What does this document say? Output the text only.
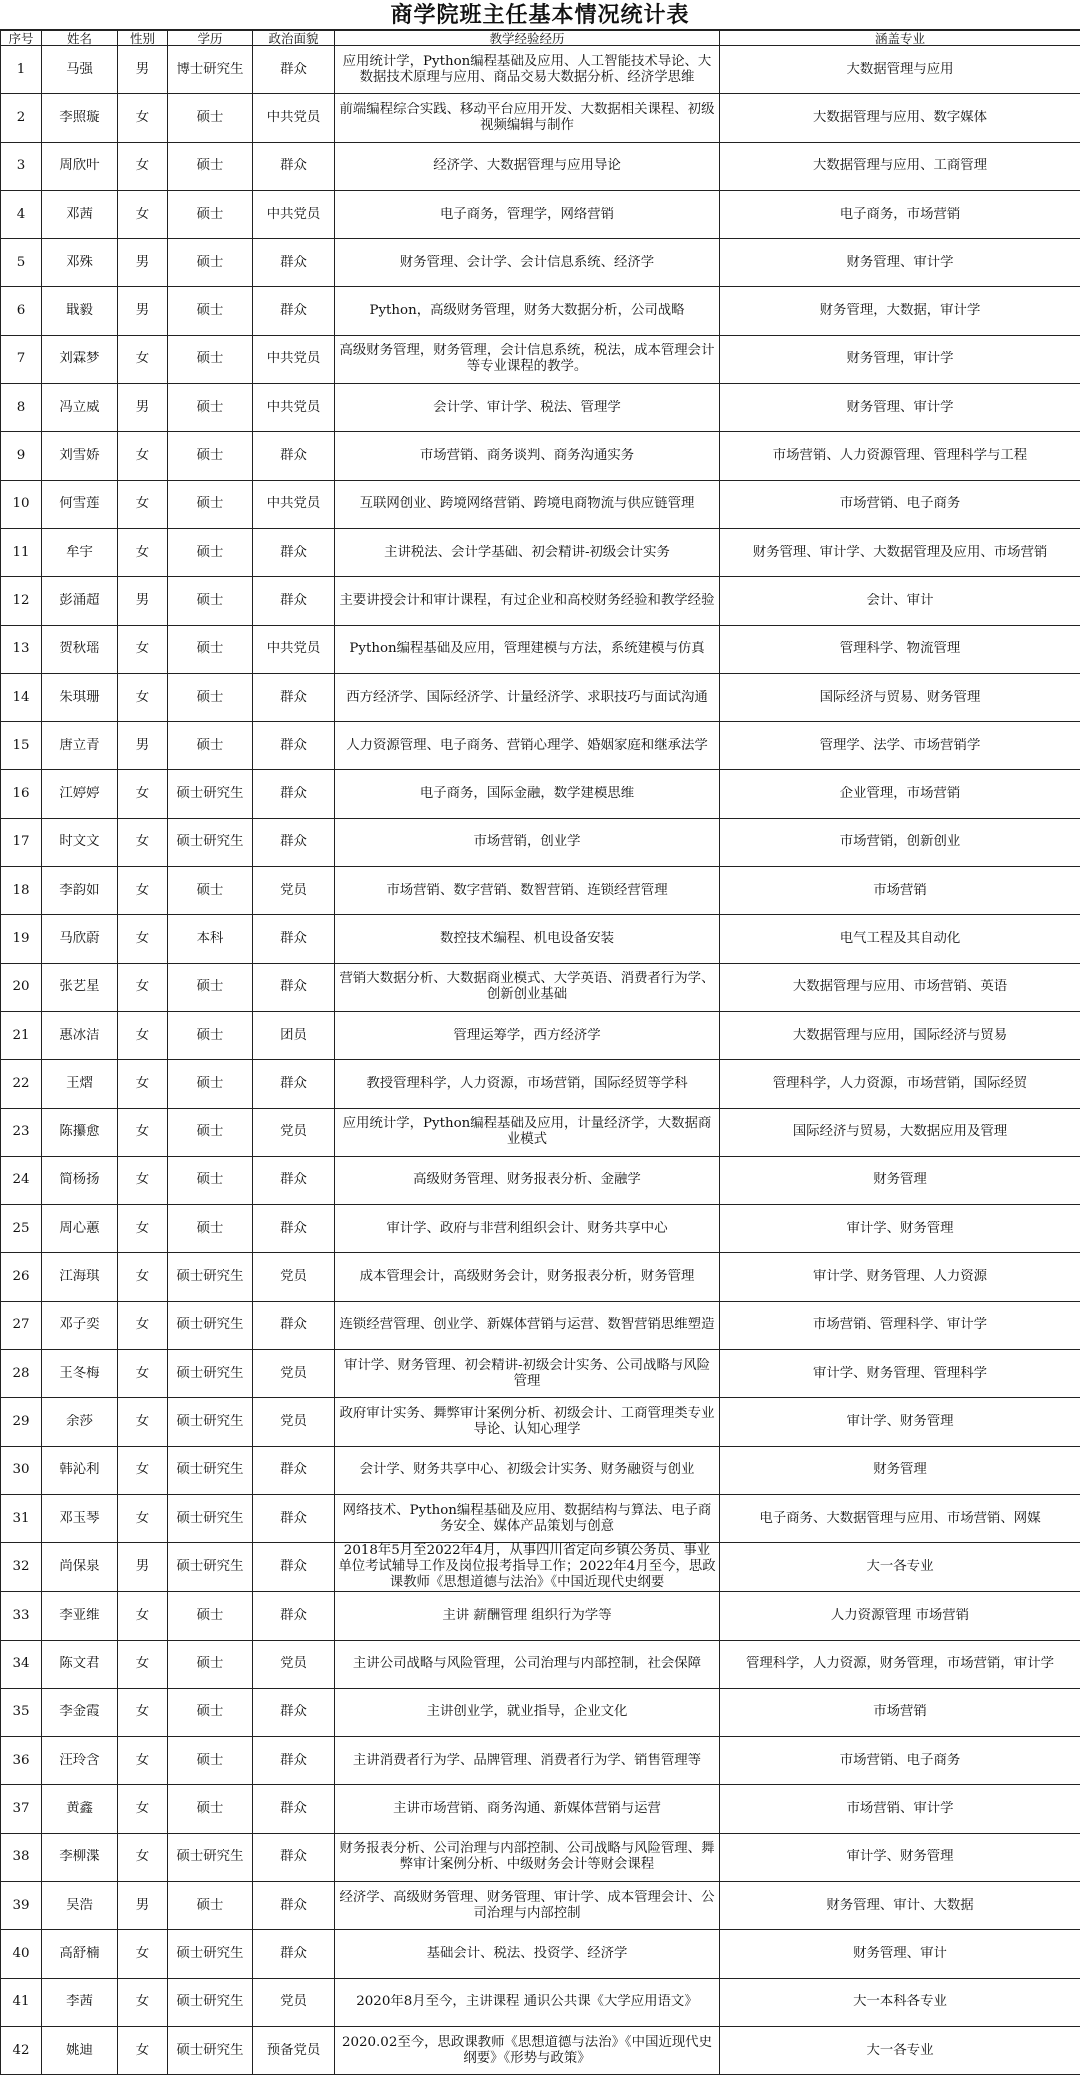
商学院班主任基本情况统计表
序号	姓名	性别	学历	政治面貌	教学经验经历	涵盖专业

1	马强	男	博士研究生	群众	应用统计学，Python编程基础及应用、人工智能技术导论、大数据技术原理与应用、商品交易大数据分析、经济学思维	大数据管理与应用

2	李照璇	女	硕士	中共党员	前端编程综合实践、移动平台应用开发、大数据相关课程、初级视频编辑与制作	大数据管理与应用、数字媒体

3	周欣叶	女	硕士	群众	经济学、大数据管理与应用导论	大数据管理与应用、工商管理

4	邓茜	女	硕士	中共党员	电子商务，管理学，网络营销	电子商务，市场营销

5	邓殊	男	硕士	群众	财务管理、会计学、会计信息系统、经济学	财务管理、审计学

6	戢毅	男	硕士	群众	Python，高级财务管理，财务大数据分析，公司战略	财务管理，大数据，审计学

7	刘霖梦	女	硕士	中共党员	高级财务管理，财务管理，会计信息系统，税法，成本管理会计等专业课程的教学。	财务管理，审计学

8	冯立威	男	硕士	中共党员	会计学、审计学、税法、管理学	财务管理、审计学

9	刘雪娇	女	硕士	群众	市场营销、商务谈判、商务沟通实务	市场营销、人力资源管理、管理科学与工程

10	何雪莲	女	硕士	中共党员	互联网创业、跨境网络营销、跨境电商物流与供应链管理	市场营销、电子商务

11	牟宇	女	硕士	群众	主讲税法、会计学基础、初会精讲-初级会计实务	财务管理、审计学、大数据管理及应用、市场营销

12	彭涌超	男	硕士	群众	主要讲授会计和审计课程，有过企业和高校财务经验和教学经验	会计、审计

13	贺秋瑶	女	硕士	中共党员	Python编程基础及应用，管理建模与方法，系统建模与仿真	管理科学、物流管理

14	朱琪珊	女	硕士	群众	西方经济学、国际经济学、计量经济学、求职技巧与面试沟通	国际经济与贸易、财务管理

15	唐立青	男	硕士	群众	人力资源管理、电子商务、营销心理学、婚姻家庭和继承法学	管理学、法学、市场营销学

16	江婷婷	女	硕士研究生	群众	电子商务，国际金融，数学建模思维	企业管理，市场营销

17	时文文	女	硕士研究生	群众	市场营销，创业学	市场营销，创新创业

18	李韵如	女	硕士	党员	市场营销、数字营销、数智营销、连锁经营管理	市场营销

19	马欣蔚	女	本科	群众	数控技术编程、机电设备安装	电气工程及其自动化

20	张艺星	女	硕士	群众	营销大数据分析、大数据商业模式、大学英语、消费者行为学、创新创业基础	大数据管理与应用、市场营销、英语

21	惠冰洁	女	硕士	团员	管理运筹学，西方经济学	大数据管理与应用，国际经济与贸易

22	王熠	女	硕士	群众	教授管理科学，人力资源，市场营销，国际经贸等学科	管理科学，人力资源，市场营销，国际经贸

23	陈攥愈	女	硕士	党员	应用统计学，Python编程基础及应用，计量经济学，大数据商业模式	国际经济与贸易，大数据应用及管理

24	简杨扬	女	硕士	群众	高级财务管理、财务报表分析、金融学	财务管理

25	周心蕙	女	硕士	群众	审计学、政府与非营利组织会计、财务共享中心	审计学、财务管理

26	江海琪	女	硕士研究生	党员	成本管理会计，高级财务会计，财务报表分析，财务管理	审计学、财务管理、人力资源

27	邓子奕	女	硕士研究生	群众	连锁经营管理、创业学、新媒体营销与运营、数智营销思维塑造	市场营销、管理科学、审计学

28	王冬梅	女	硕士研究生	党员	审计学、财务管理、初会精讲-初级会计实务、公司战略与风险管理	审计学、财务管理、管理科学

29	余莎	女	硕士研究生	党员	政府审计实务、舞弊审计案例分析、初级会计、工商管理类专业导论、认知心理学	审计学、财务管理

30	韩沁利	女	硕士研究生	群众	会计学、财务共享中心、初级会计实务、财务融资与创业	财务管理

31	邓玉琴	女	硕士研究生	群众	网络技术、Python编程基础及应用、数据结构与算法、电子商务安全、媒体产品策划与创意	电子商务、大数据管理与应用、市场营销、网媒

32	尚保泉	男	硕士研究生	群众	2018年5月至2022年4月，从事四川省定向乡镇公务员、事业单位考试辅导工作及岗位报考指导工作；2022年4月至今，思政课教师《思想道德与法治》《中国近现代史纲要	大一各专业

33	李亚维	女	硕士	群众	主讲 薪酬管理 组织行为学等	人力资源管理 市场营销

34	陈文君	女	硕士	党员	主讲公司战略与风险管理，公司治理与内部控制，社会保障	管理科学，人力资源，财务管理，市场营销，审计学

35	李金霞	女	硕士	群众	主讲创业学，就业指导，企业文化	市场营销

36	汪玲含	女	硕士	群众	主讲消费者行为学、品牌管理、消费者行为学、销售管理等	市场营销、电子商务

37	黄鑫	女	硕士	群众	主讲市场营销、商务沟通、新媒体营销与运营	市场营销、审计学

38	李柳渫	女	硕士研究生	群众	财务报表分析、公司治理与内部控制、公司战略与风险管理、舞弊审计案例分析、中级财务会计等财会课程	审计学、财务管理

39	吴浩	男	硕士	群众	经济学、高级财务管理、财务管理、审计学、成本管理会计、公司治理与内部控制	财务管理、审计、大数据

40	高舒楠	女	硕士研究生	群众	基础会计、税法、投资学、经济学	财务管理、审计

41	李茜	女	硕士研究生	党员	2020年8月至今，主讲课程 通识公共课《大学应用语文》	大一本科各专业

42	姚迪	女	硕士研究生	预备党员	2020.02至今，思政课教师《思想道德与法治》《中国近现代史纲要》《形势与政策》	大一各专业
